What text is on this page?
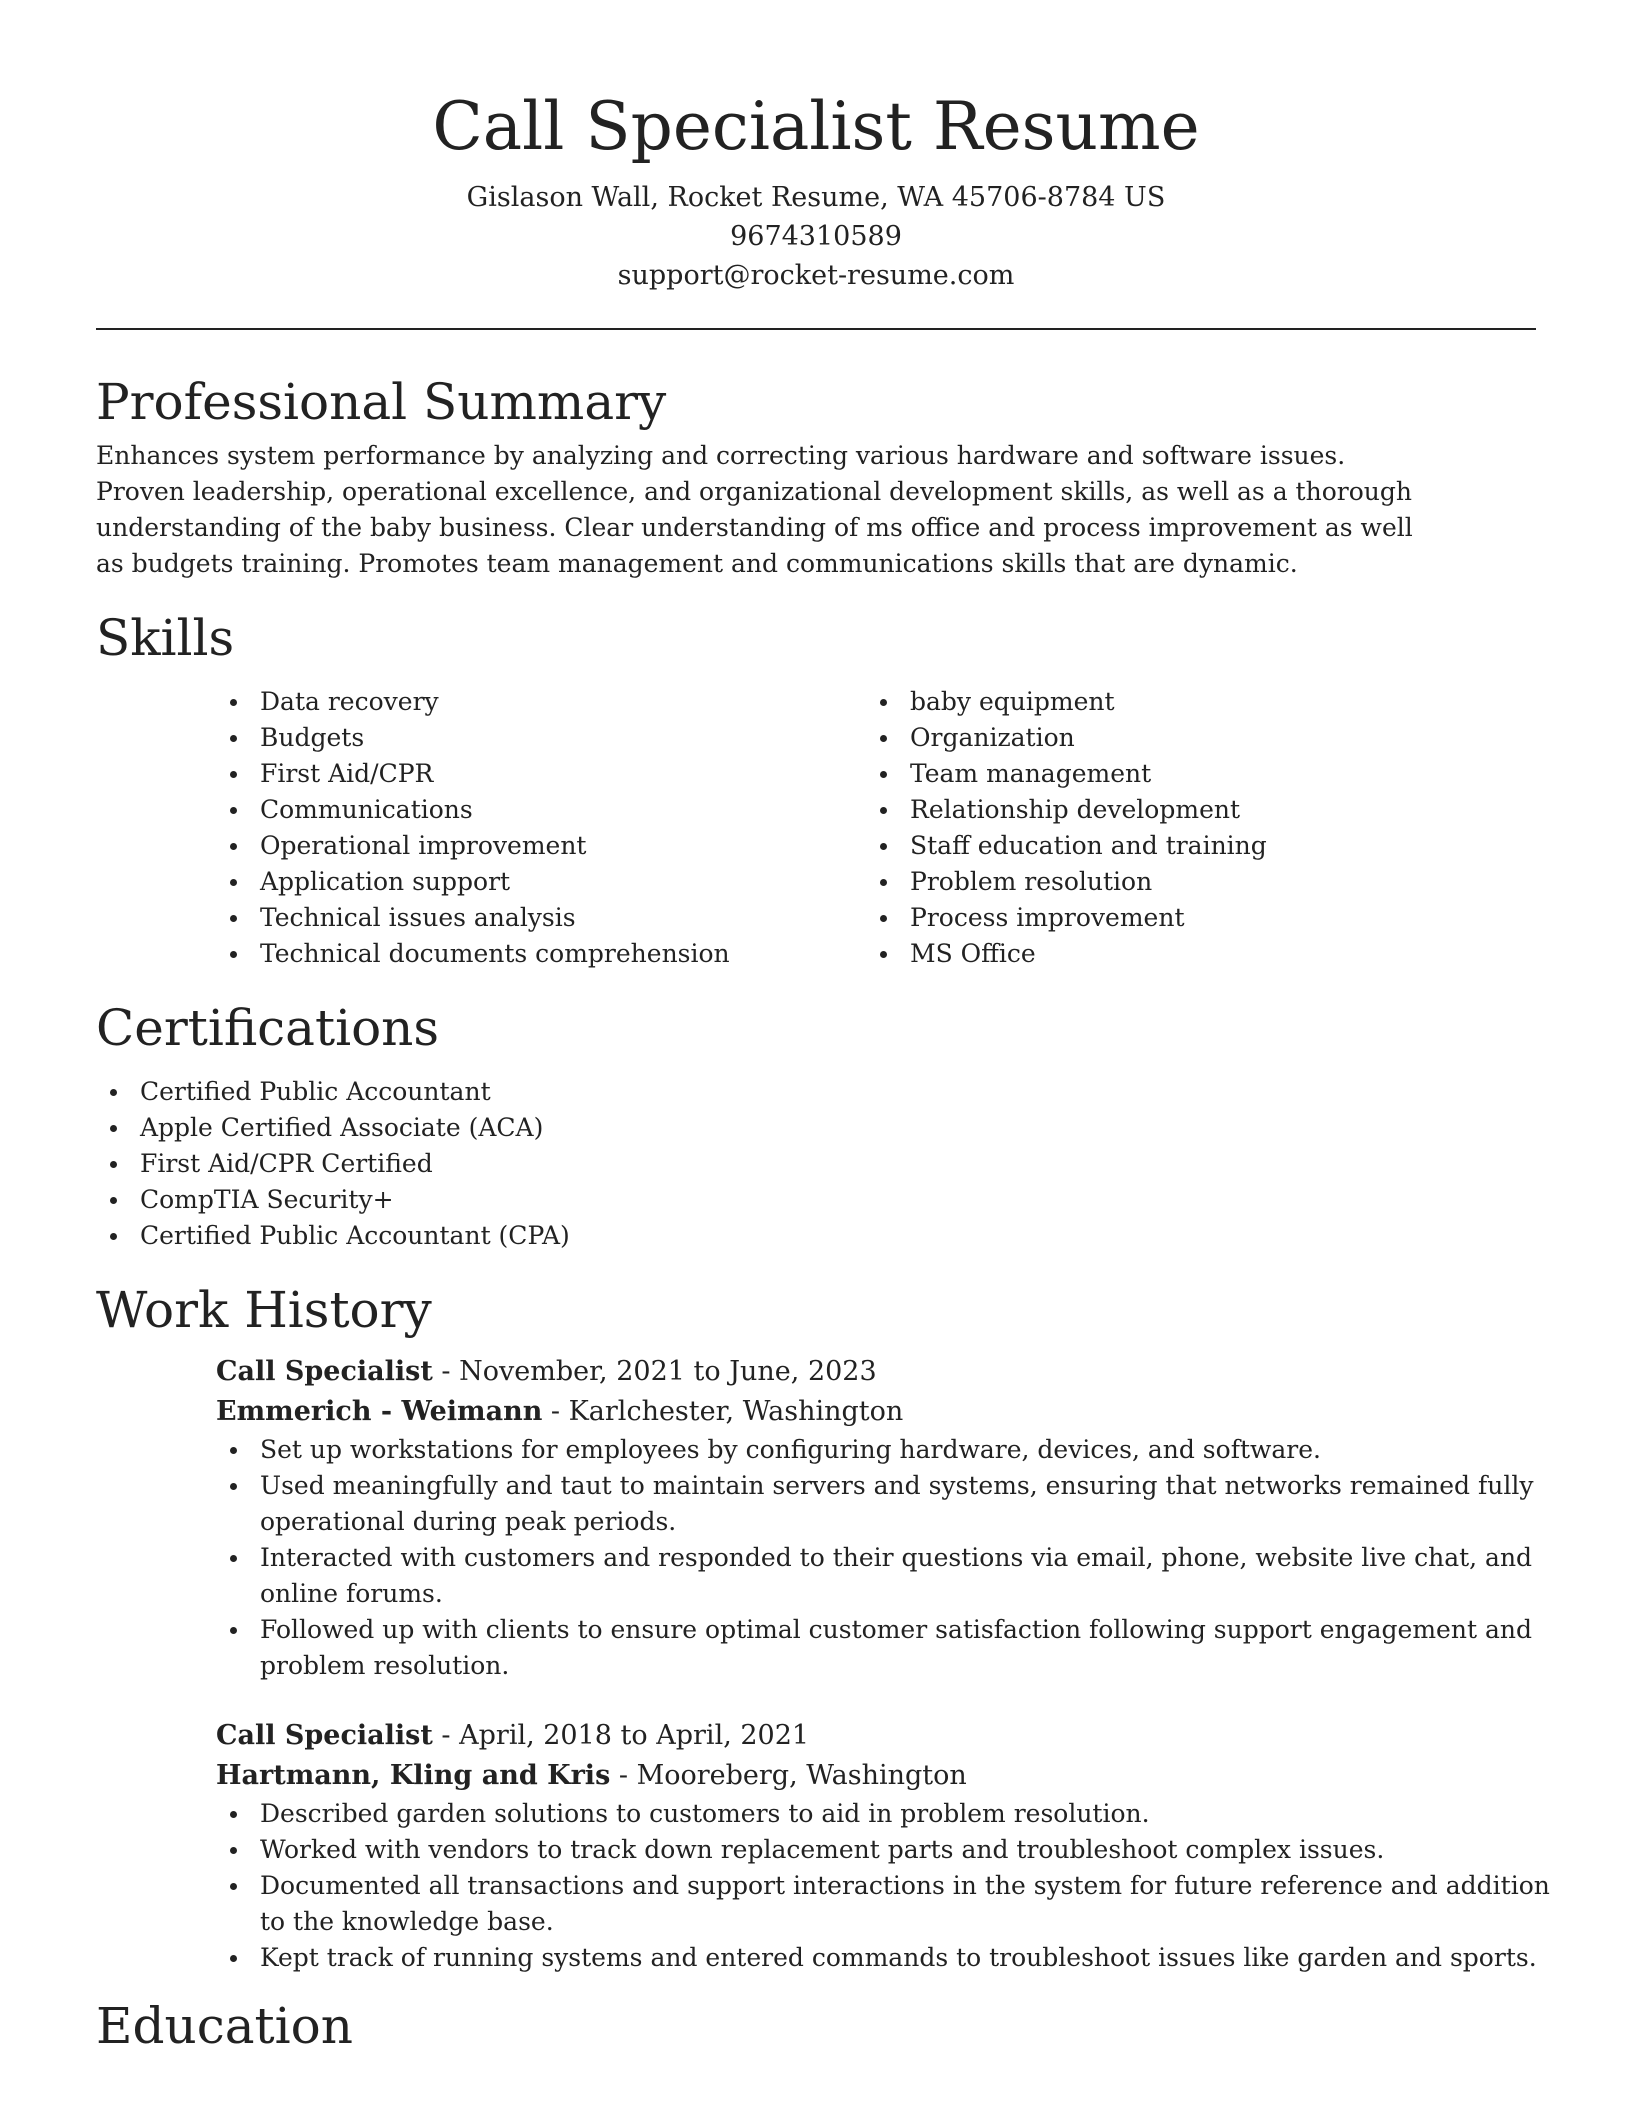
Call Specialist Resume
Gislason Wall, Rocket Resume, WA 45706-8784 US
9674310589
support@rocket-resume.com
Professional Summary

Enhances system performance by analyzing and correcting various hardware and software issues. Proven leadership, operational excellence, and organizational development skills, as well as a thorough understanding of the baby business. Clear understanding of ms office and process improvement as well as budgets training. Promotes team management and communications skills that are dynamic.

Skills
Data recovery
Budgets
First Aid/CPR
Communications
Operational improvement
Application support
Technical issues analysis
Technical documents comprehension
baby equipment
Organization
Team management
Relationship development
Staff education and training
Problem resolution
Process improvement
MS Office
Certifications
Certified Public Accountant
Apple Certified Associate (ACA)
First Aid/CPR Certified
CompTIA Security+
Certified Public Accountant (CPA)
Work History
Call Specialist - November, 2021 to June, 2023
Emmerich - Weimann - Karlchester, Washington
Set up workstations for employees by configuring hardware, devices, and software.
Used meaningfully and taut to maintain servers and systems, ensuring that networks remained fully operational during peak periods.
Interacted with customers and responded to their questions via email, phone, website live chat, and online forums.
Followed up with clients to ensure optimal customer satisfaction following support engagement and problem resolution.
Call Specialist - April, 2018 to April, 2021
Hartmann, Kling and Kris - Mooreberg, Washington
Described garden solutions to customers to aid in problem resolution.
Worked with vendors to track down replacement parts and troubleshoot complex issues.
Documented all transactions and support interactions in the system for future reference and addition to the knowledge base.
Kept track of running systems and entered commands to troubleshoot issues like garden and sports.
Education
